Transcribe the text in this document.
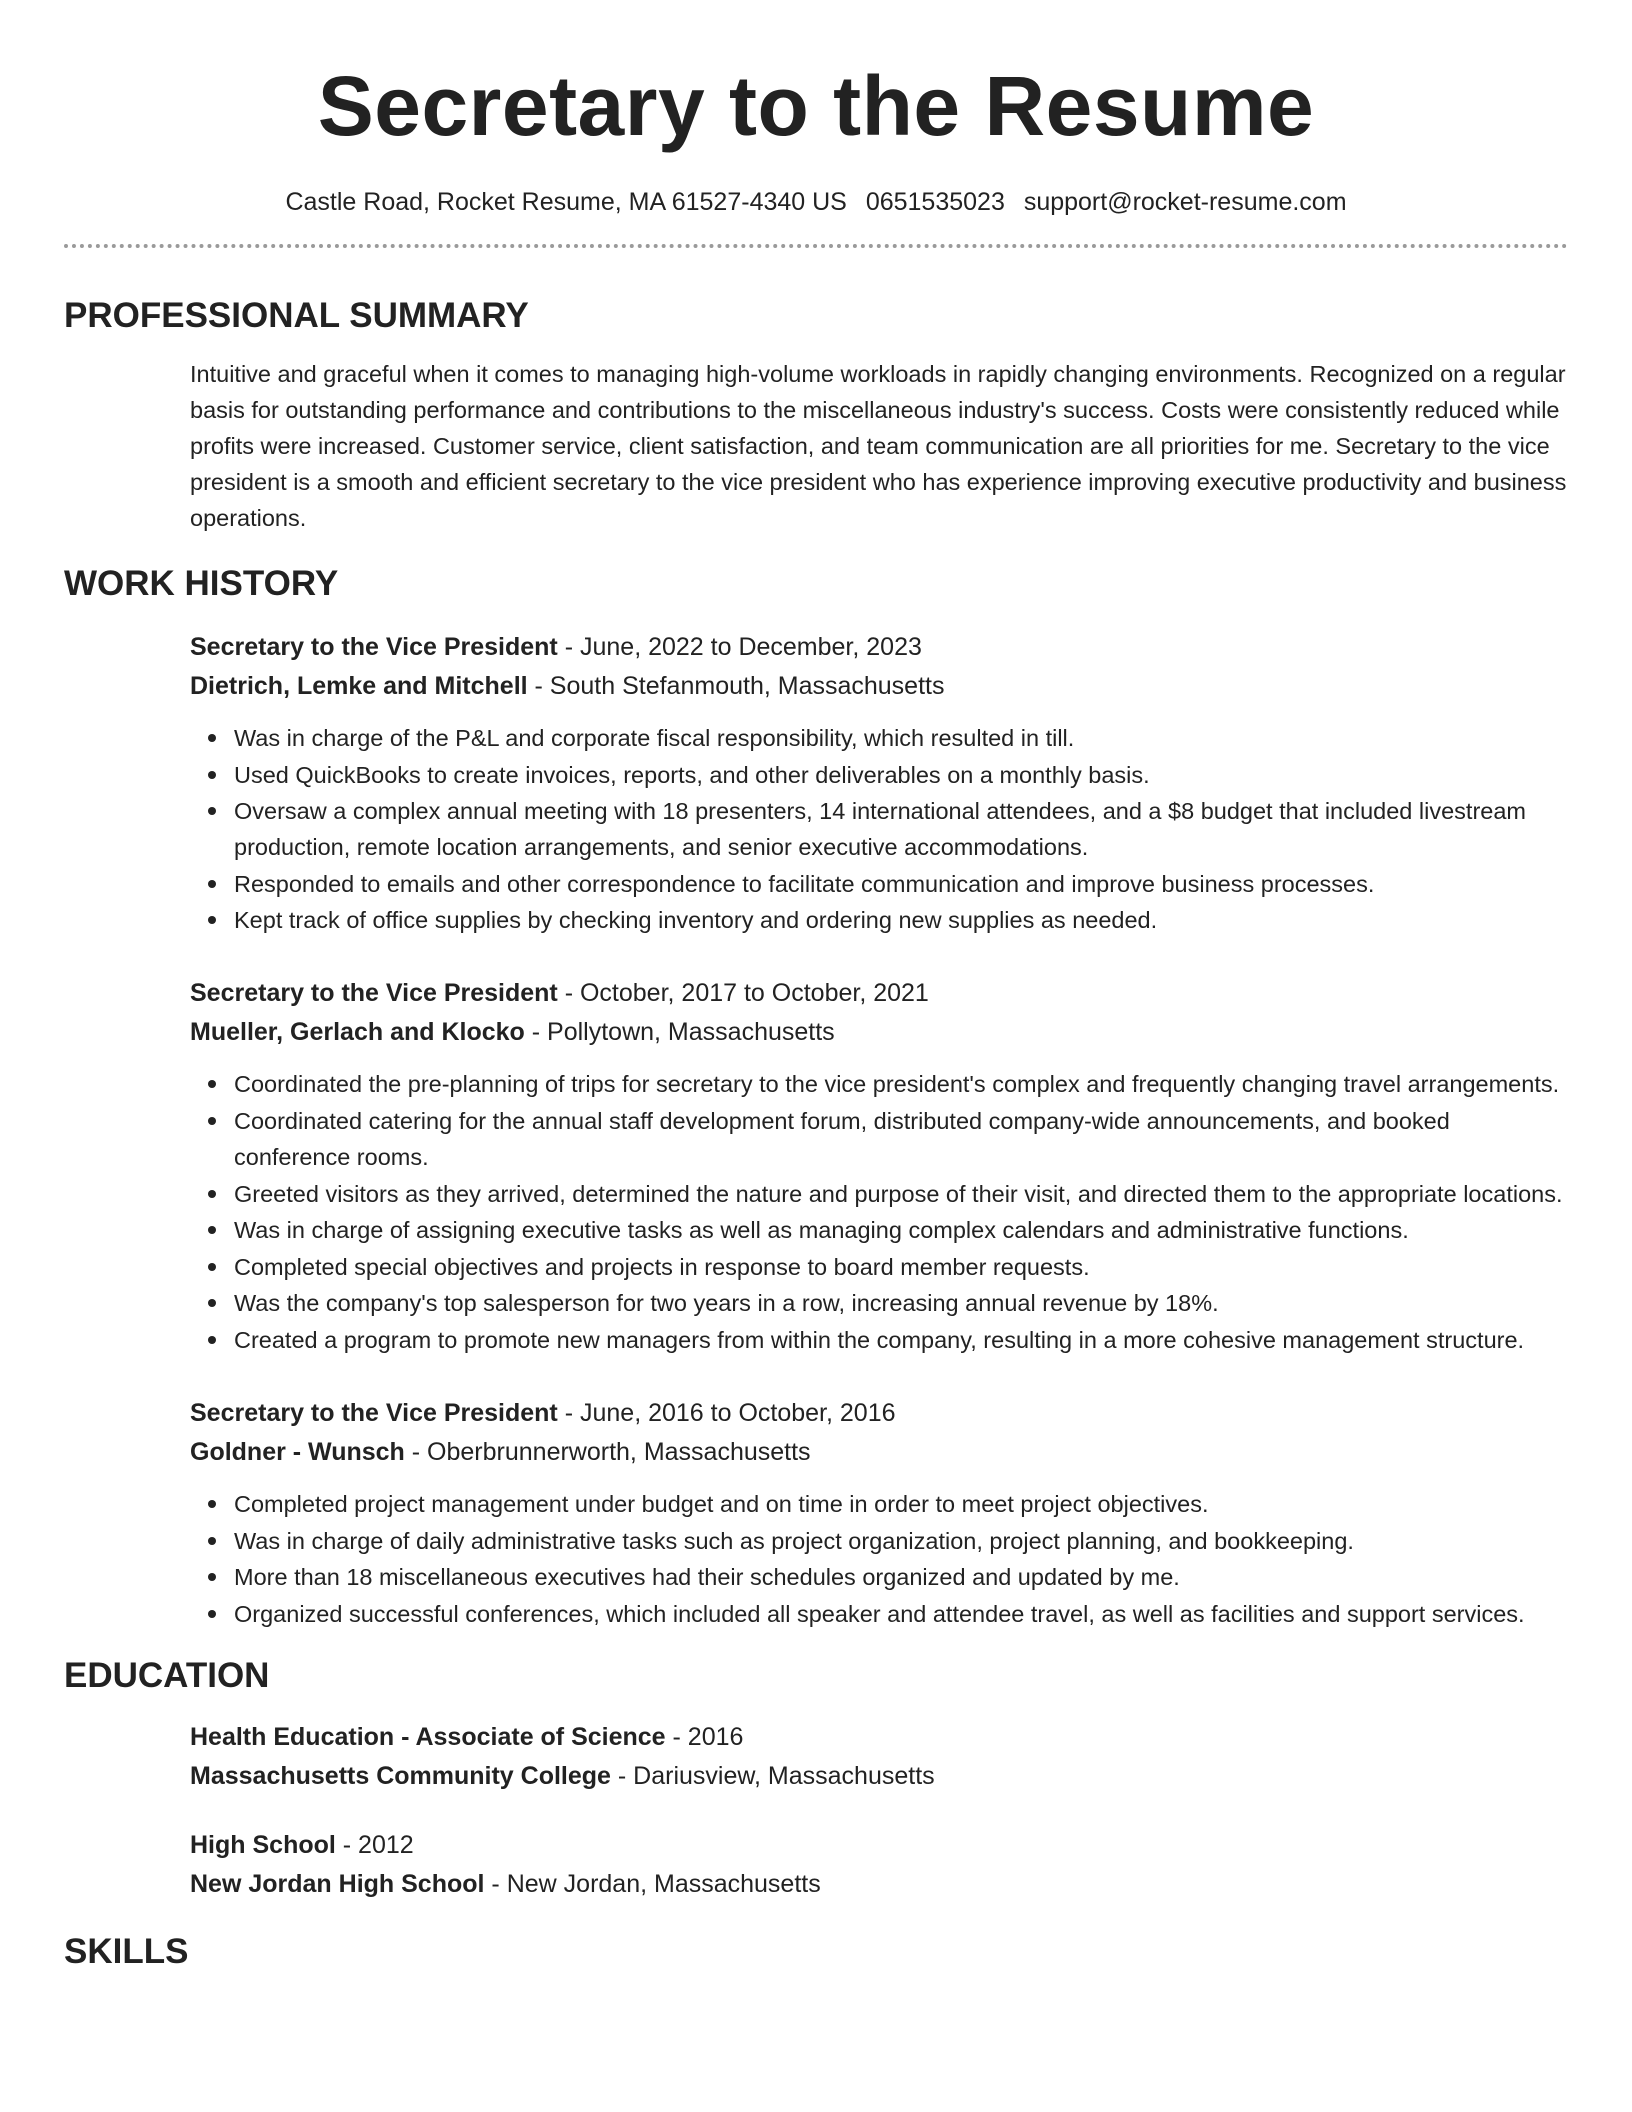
Secretary to the Resume
Castle Road, Rocket Resume, MA 61527-4340 US 0651535023 support@rocket-resume.com
PROFESSIONAL SUMMARY
Intuitive and graceful when it comes to managing high-volume workloads in rapidly changing environments. Recognized on a regular basis for outstanding performance and contributions to the miscellaneous industry's success. Costs were consistently reduced while profits were increased. Customer service, client satisfaction, and team communication are all priorities for me. Secretary to the vice president is a smooth and efficient secretary to the vice president who has experience improving executive productivity and business operations.
WORK HISTORY
Secretary to the Vice President - June, 2022 to December, 2023
Dietrich, Lemke and Mitchell - South Stefanmouth, Massachusetts
Was in charge of the P&L and corporate fiscal responsibility, which resulted in till.
Used QuickBooks to create invoices, reports, and other deliverables on a monthly basis.
Oversaw a complex annual meeting with 18 presenters, 14 international attendees, and a $8 budget that included livestream production, remote location arrangements, and senior executive accommodations.
Responded to emails and other correspondence to facilitate communication and improve business processes.
Kept track of office supplies by checking inventory and ordering new supplies as needed.
Secretary to the Vice President - October, 2017 to October, 2021
Mueller, Gerlach and Klocko - Pollytown, Massachusetts
Coordinated the pre-planning of trips for secretary to the vice president's complex and frequently changing travel arrangements.
Coordinated catering for the annual staff development forum, distributed company-wide announcements, and booked conference rooms.
Greeted visitors as they arrived, determined the nature and purpose of their visit, and directed them to the appropriate locations.
Was in charge of assigning executive tasks as well as managing complex calendars and administrative functions.
Completed special objectives and projects in response to board member requests.
Was the company's top salesperson for two years in a row, increasing annual revenue by 18%.
Created a program to promote new managers from within the company, resulting in a more cohesive management structure.
Secretary to the Vice President - June, 2016 to October, 2016
Goldner - Wunsch - Oberbrunnerworth, Massachusetts
Completed project management under budget and on time in order to meet project objectives.
Was in charge of daily administrative tasks such as project organization, project planning, and bookkeeping.
More than 18 miscellaneous executives had their schedules organized and updated by me.
Organized successful conferences, which included all speaker and attendee travel, as well as facilities and support services.
EDUCATION
Health Education - Associate of Science - 2016
Massachusetts Community College - Dariusview, Massachusetts
High School - 2012
New Jordan High School - New Jordan, Massachusetts
SKILLS
